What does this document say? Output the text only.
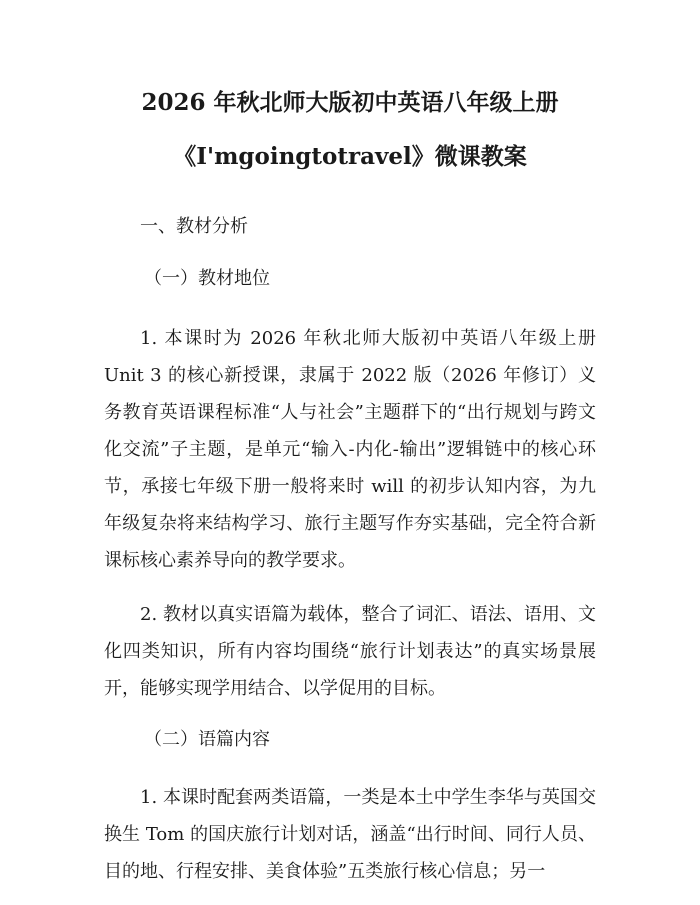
2026 年秋北师大版初中英语八年级上册
《I'mgoingtotravel》微课教案

一、教材分析

（一）教材地位

1. 本课时为 2026 年秋北师大版初中英语八年级上册 Unit 3 的核心新授课，隶属于 2022 版（2026 年修订）义务教育英语课程标准“人与社会”主题群下的“出行规划与跨文化交流”子主题，是单元“输入-内化-输出”逻辑链中的核心环节，承接七年级下册一般将来时 will 的初步认知内容，为九年级复杂将来结构学习、旅行主题写作夯实基础，完全符合新课标核心素养导向的教学要求。

2. 教材以真实语篇为载体，整合了词汇、语法、语用、文化四类知识，所有内容均围绕“旅行计划表达”的真实场景展开，能够实现学用结合、以学促用的目标。

（二）语篇内容

1. 本课时配套两类语篇，一类是本土中学生李华与英国交换生 Tom 的国庆旅行计划对话，涵盖“出行时间、同行人员、目的地、行程安排、美食体验”五类旅行核心信息；另一
